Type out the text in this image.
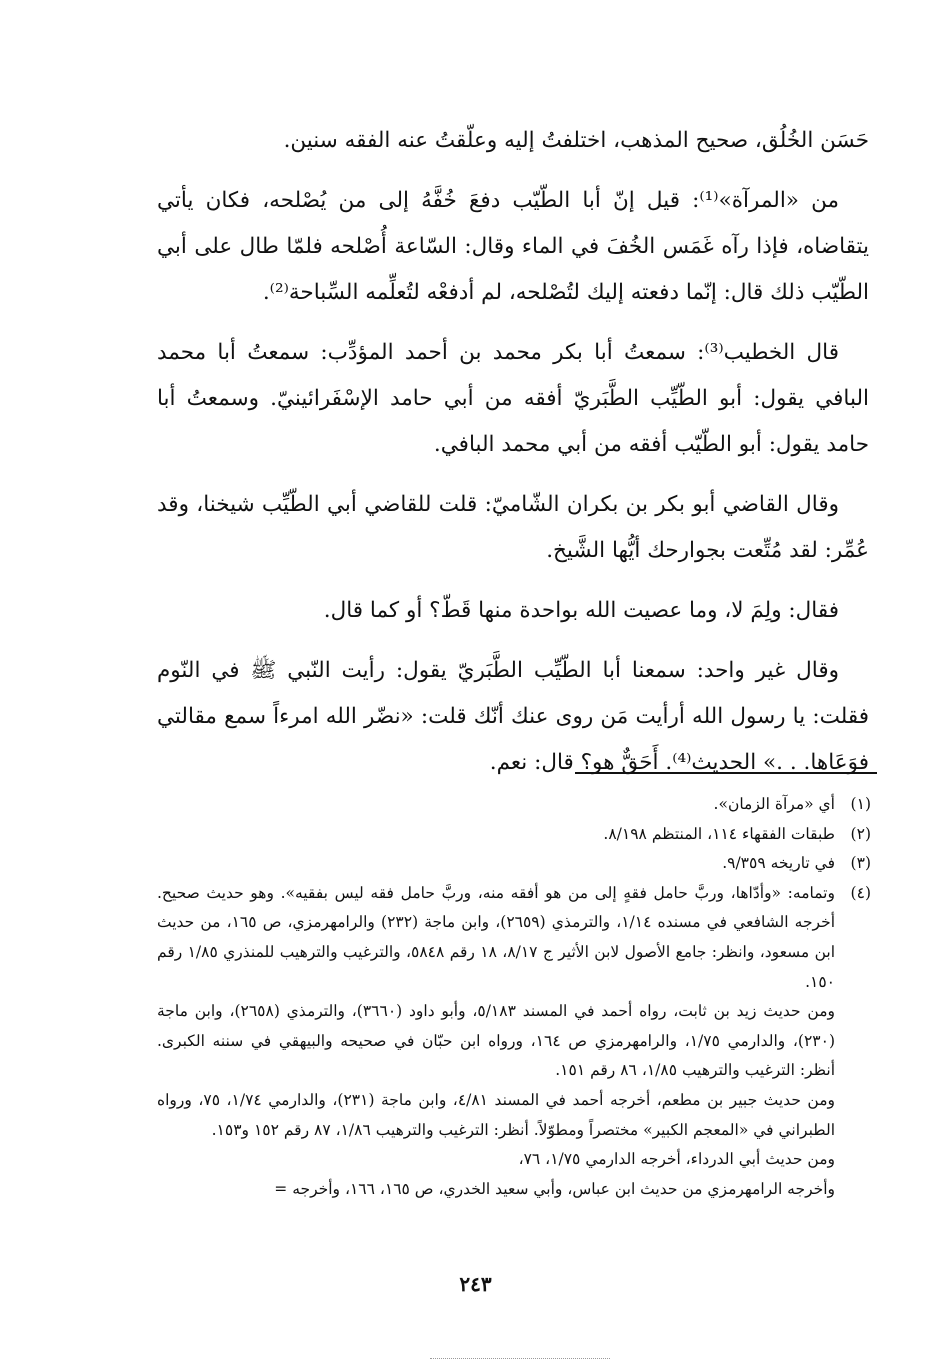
حَسَن الخُلُق، صحيح المذهب، اختلفتُ إليه وعلّقتُ عنه الفقه سنين.

من «المرآة»⁽¹⁾: قيل إنّ أبا الطّيّب دفعَ خُفَّهُ إلى من يُصْلحه، فكان يأتي يتقاضاه، فإذا رآه غَمَس الخُفَ في الماء وقال: السّاعة أُصْلحه فلمّا طال على أبي الطّيّب ذلك قال: إنّما دفعته إليك لتُصْلحه، لم أدفعْه لتُعلِّمه السِّباحة⁽²⁾.

قال الخطيب⁽³⁾: سمعتُ أبا بكر محمد بن أحمد المؤدِّب: سمعتُ أبا محمد البافي يقول: أبو الطّيِّب الطَّبَريّ أفقه من أبي حامد الإسْفَرائينيّ. وسمعتُ أبا حامد يقول: أبو الطّيّب أفقه من أبي محمد البافي.

وقال القاضي أبو بكر بن بكران الشّاميّ: قلت للقاضي أبي الطّيِّب شيخنا، وقد عُمِّر: لقد مُتِّعت بجوارحك أيُّها الشَّيخ.

فقال: ولِمَ لا، وما عصيت الله بواحدة منها قَطّ؟ أو كما قال.

وقال غير واحد: سمعنا أبا الطّيِّب الطَّبَريّ يقول: رأيت النّبي ﷺ في النّوم فقلت: يا رسول الله أرأيت مَن روى عنك أنّك قلت: «نضّر الله امرءاً سمع مقالتي فوَعَاها. . .» الحديث⁽⁴⁾. أَحَقٌّ هو؟ قال: نعم.

(١)
أي «مرآة الزمان».
(٢)
طبقات الفقهاء ١١٤، المنتظم ٨/١٩٨.
(٣)
في تاريخه ٩/٣٥٩.
(٤)

وتمامه: «وأدّاها، وربَّ حامل فقهٍ إلى من هو أفقه منه، وربَّ حامل فقه ليس بفقيه». وهو حديث صحيح. أخرجه الشافعي في مسنده ١/١٤، والترمذي (٢٦٥٩)، وابن ماجة (٢٣٢) والرامهرمزي، ص ١٦٥، من حديث ابن مسعود، وانظر: جامع الأصول لابن الأثير ج ٨/١٧، ١٨ رقم ٥٨٤٨، والترغيب والترهيب للمنذري ١/٨٥ رقم ١٥٠.

ومن حديث زيد بن ثابت، رواه أحمد في المسند ٥/١٨٣، وأبو داود (٣٦٦٠)، والترمذي (٢٦٥٨)، وابن ماجة (٢٣٠)، والدارمي ١/٧٥، والرامهرمزي ص ١٦٤، ورواه ابن حبّان في صحيحه والبيهقي في سننه الكبرى. أنظر: الترغيب والترهيب ١/٨٥، ٨٦ رقم ١٥١.

ومن حديث جبير بن مطعم، أخرجه أحمد في المسند ٤/٨١، وابن ماجة (٢٣١)، والدارمي ١/٧٤، ٧٥، ورواه الطبراني في «المعجم الكبير» مختصراً ومطوّلاً. أنظر: الترغيب والترهيب ١/٨٦، ٨٧ رقم ١٥٢ و١٥٣.

ومن حديث أبي الدرداء، أخرجه الدارمي ١/٧٥، ٧٦،

وأخرجه الرامهرمزي من حديث ابن عباس، وأبي سعيد الخدري، ص ١٦٥، ١٦٦، وأخرجه =

٢٤٣
